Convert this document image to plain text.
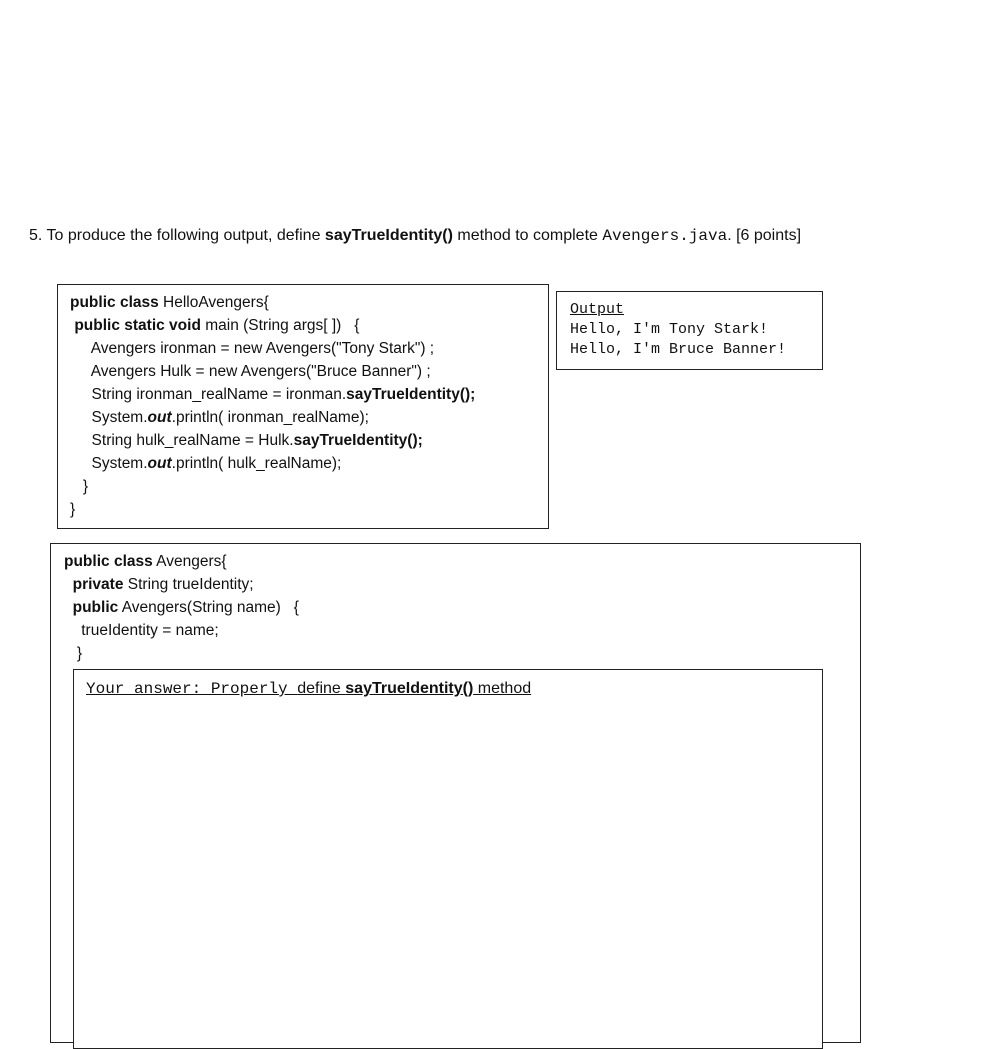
5. To produce the following output, define sayTrueIdentity() method to complete Avengers.java. [6 points]
public class HelloAvengers{
public static void main (String args[ ])   {
Avengers ironman = new Avengers("Tony Stark") ;
Avengers Hulk = new Avengers("Bruce Banner") ;
String ironman_realName = ironman.sayTrueIdentity();
System.out.println( ironman_realName);
String hulk_realName = Hulk.sayTrueIdentity();
System.out.println( hulk_realName);
}
}
Output
Hello, I'm Tony Stark!
Hello, I'm Bruce Banner!
public class Avengers{
private String trueIdentity;
public Avengers(String name)   {
trueIdentity = name;
}
Your answer: Properly define sayTrueIdentity() method
